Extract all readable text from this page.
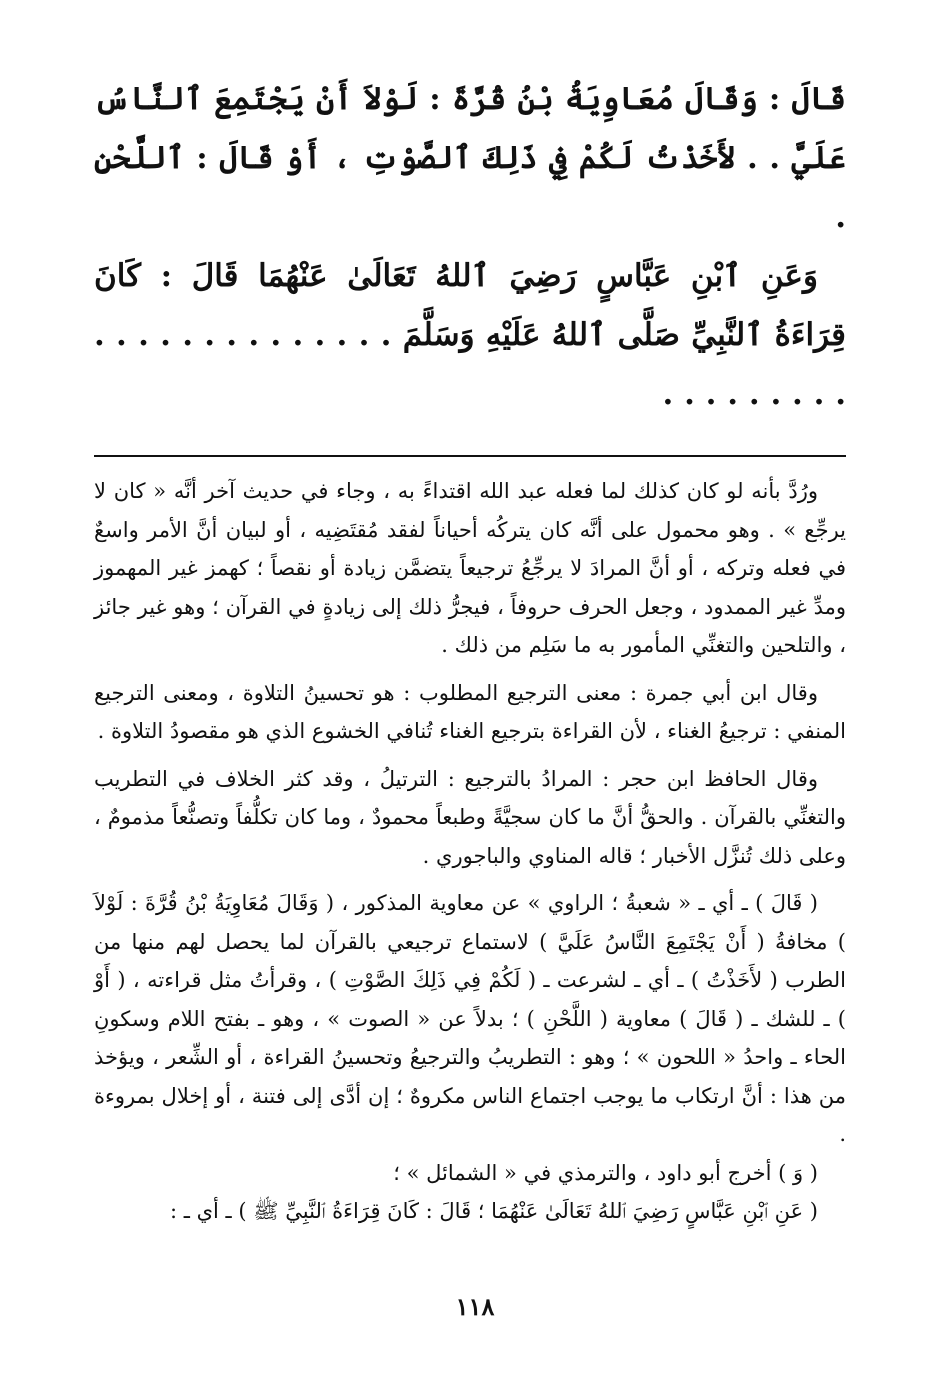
قَالَ : وَقَالَ مُعَاوِيَةُ بْنُ قُرَّةَ : لَوْلاَ أَنْ يَجْتَمِعَ ٱلنَّاسُ عَلَيَّ . . لأَخَذْتُ لَكُمْ فِي ذَلِكَ ٱلصَّوْتِ ، أَوْ قَالَ : ٱللَّحْنِ .

وَعَنِ ٱبْنِ عَبَّاسٍ رَضِيَ ٱللهُ تَعَالَىٰ عَنْهُمَا قَالَ : كَانَ قِرَاءَةُ ٱلنَّبِيِّ صَلَّى ٱللهُ عَلَيْهِ وَسَلَّمَ . . . . . . . . . . . . . . . . . . . . . . .

ورُدَّ بأنه لو كان كذلك لما فعله عبد الله اقتداءً به ، وجاء في حديث آخر أنَّه « كان لا يرجِّع » . وهو محمول على أنَّه كان يتركُه أحياناً لفقد مُقتَضِيه ، أو لبيان أنَّ الأمر واسعٌ في فعله وتركه ، أو أنَّ المرادَ لا يرجِّعُ ترجيعاً يتضمَّن زيادة أو نقصاً ؛ كهمز غير المهموز ومدِّ غير الممدود ، وجعل الحرف حروفاً ، فيجرُّ ذلك إلى زيادةٍ في القرآن ؛ وهو غير جائز ، والتلحين والتغنِّي المأمور به ما سَلِم من ذلك .

وقال ابن أبي جمرة : معنى الترجيع المطلوب : هو تحسينُ التلاوة ، ومعنى الترجيع المنفي : ترجيعُ الغناء ، لأن القراءة بترجيع الغناء تُنافي الخشوع الذي هو مقصودُ التلاوة .

وقال الحافظ ابن حجر : المرادُ بالترجيع : الترتيلُ ، وقد كثر الخلاف في التطريب والتغنِّي بالقرآن . والحقُّ أنَّ ما كان سجيَّةً وطبعاً محمودٌ ، وما كان تكلُّفاً وتصنُّعاً مذمومٌ ، وعلى ذلك تُنزَّل الأخبار ؛ قاله المناوي والباجوري .

( قَالَ ) ـ أي ـ « شعبةُ ؛ الراوي » عن معاوية المذكور ، ( وَقَالَ مُعَاوِيَةُ بْنُ قُرَّةَ : لَوْلاَ ) مخافةُ ( أَنْ يَجْتَمِعَ النَّاسُ عَلَيَّ ) لاستماع ترجيعي بالقرآن لما يحصل لهم منها من الطرب ( لأَخَذْتُ ) ـ أي ـ لشرعت ـ ( لَكُمْ فِي ذَلِكَ الصَّوْتِ ) ، وقرأتُ مثل قراءته ، ( أَوْ ) ـ للشك ـ ( قَالَ ) معاوية ( اللَّحْنِ ) ؛ بدلاً عن « الصوت » ، وهو ـ بفتح اللام وسكونِ الحاء ـ واحدُ « اللحون » ؛ وهو : التطريبُ والترجيعُ وتحسينُ القراءة ، أو الشِّعر ، ويؤخذ من هذا : أنَّ ارتكاب ما يوجب اجتماع الناس مكروهٌ ؛ إن أدَّى إلى فتنة ، أو إخلال بمروءة .

( وَ ) أخرج أبو داود ، والترمذي في « الشمائل » ؛

( عَنِ ٱبْنِ عَبَّاسٍ رَضِيَ ٱللهُ تَعَالَىٰ عَنْهُمَا ؛ قَالَ : كَانَ قِرَاءَةُ ٱلنَّبِيِّ ﷺ ) ـ أي ـ :

١١٨
